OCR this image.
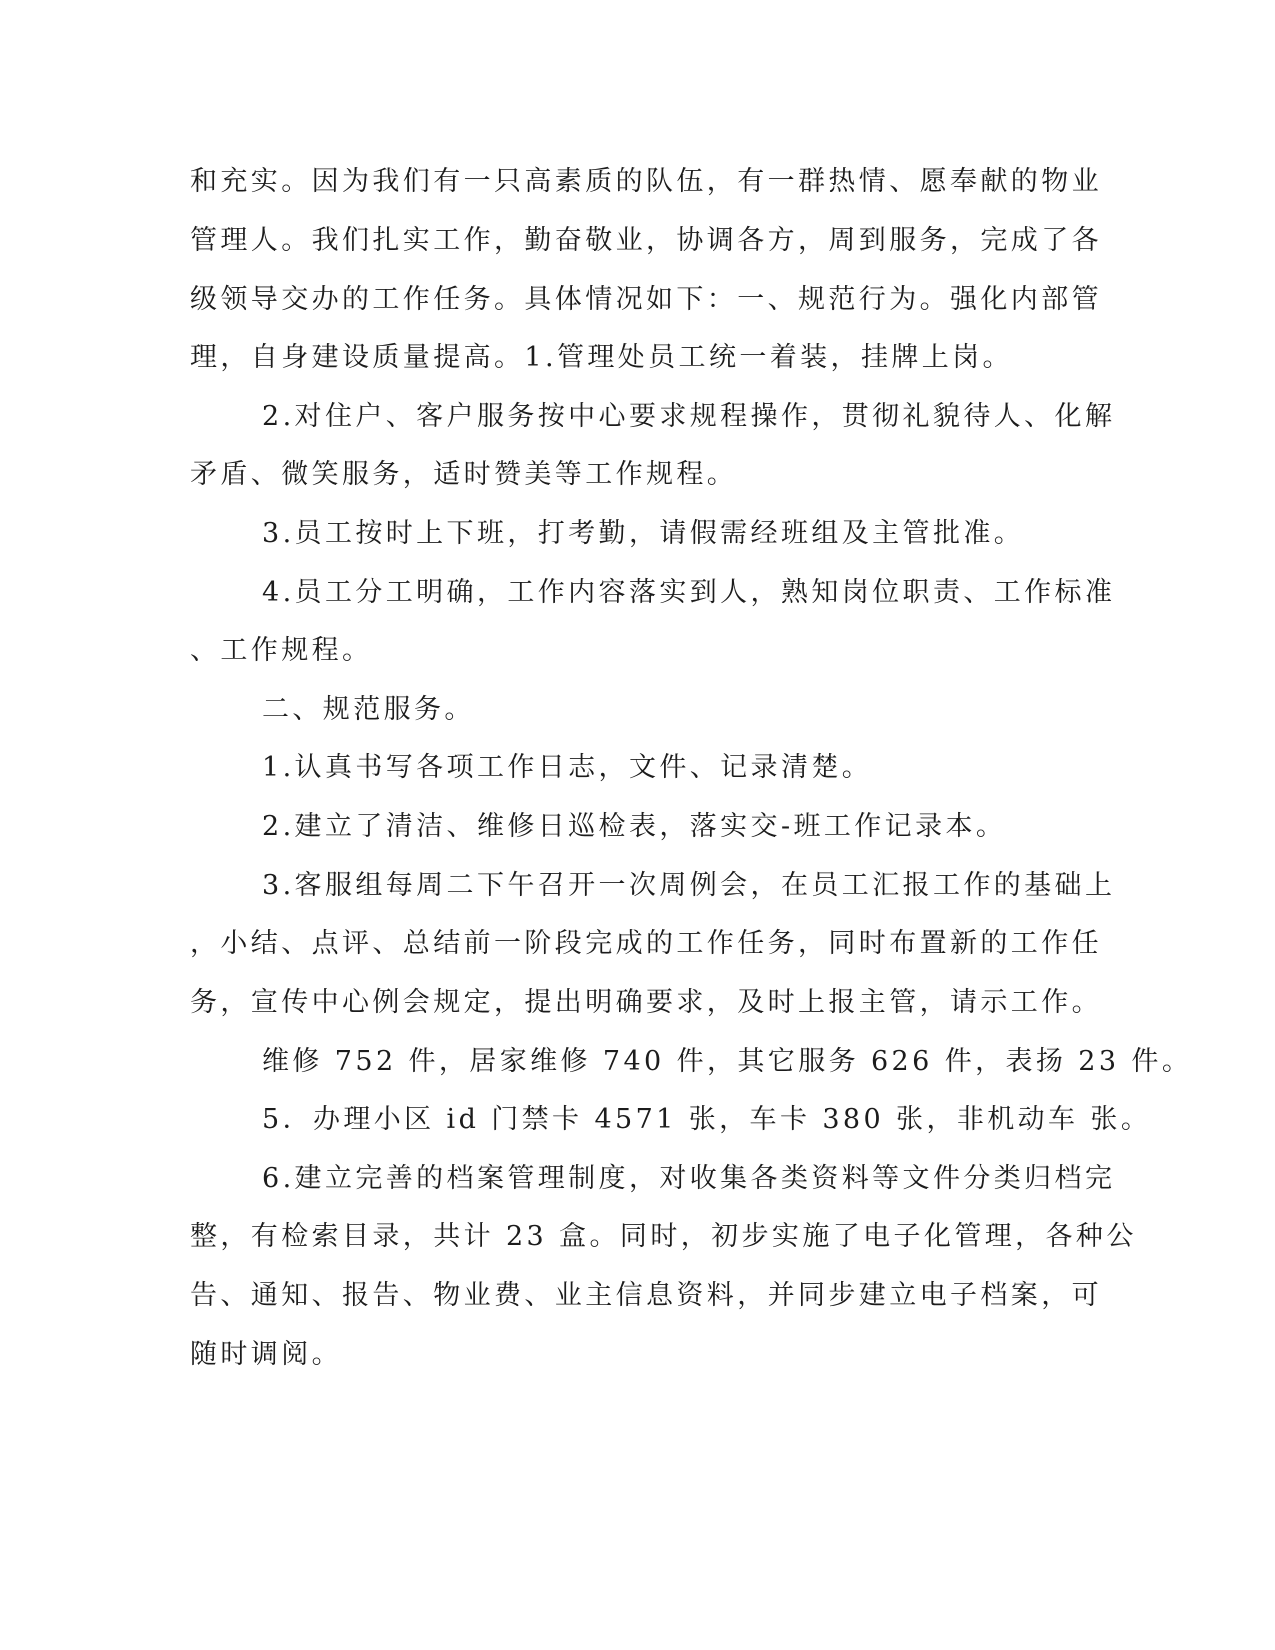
和充实。因为我们有一只高素质的队伍，有一群热情、愿奉献的物业
管理人。我们扎实工作，勤奋敬业，协调各方，周到服务，完成了各
级领导交办的工作任务。具体情况如下：一、规范行为。强化内部管
理，自身建设质量提高。1.管理处员工统一着装，挂牌上岗。
2.对住户、客户服务按中心要求规程操作，贯彻礼貌待人、化解
矛盾、微笑服务，适时赞美等工作规程。
3.员工按时上下班，打考勤，请假需经班组及主管批准。
4.员工分工明确，工作内容落实到人，熟知岗位职责、工作标准
、工作规程。
二、规范服务。
1.认真书写各项工作日志，文件、记录清楚。
2.建立了清洁、维修日巡检表，落实交-班工作记录本。
3.客服组每周二下午召开一次周例会，在员工汇报工作的基础上
，小结、点评、总结前一阶段完成的工作任务，同时布置新的工作任
务，宣传中心例会规定，提出明确要求，及时上报主管，请示工作。
维修 752 件，居家维修 740 件，其它服务 626 件，表扬 23 件。
5．办理小区 id 门禁卡 4571 张，车卡 380 张，非机动车 张。
6.建立完善的档案管理制度，对收集各类资料等文件分类归档完
整，有检索目录，共计 23 盒。同时，初步实施了电子化管理，各种公
告、通知、报告、物业费、业主信息资料，并同步建立电子档案，可
随时调阅。
